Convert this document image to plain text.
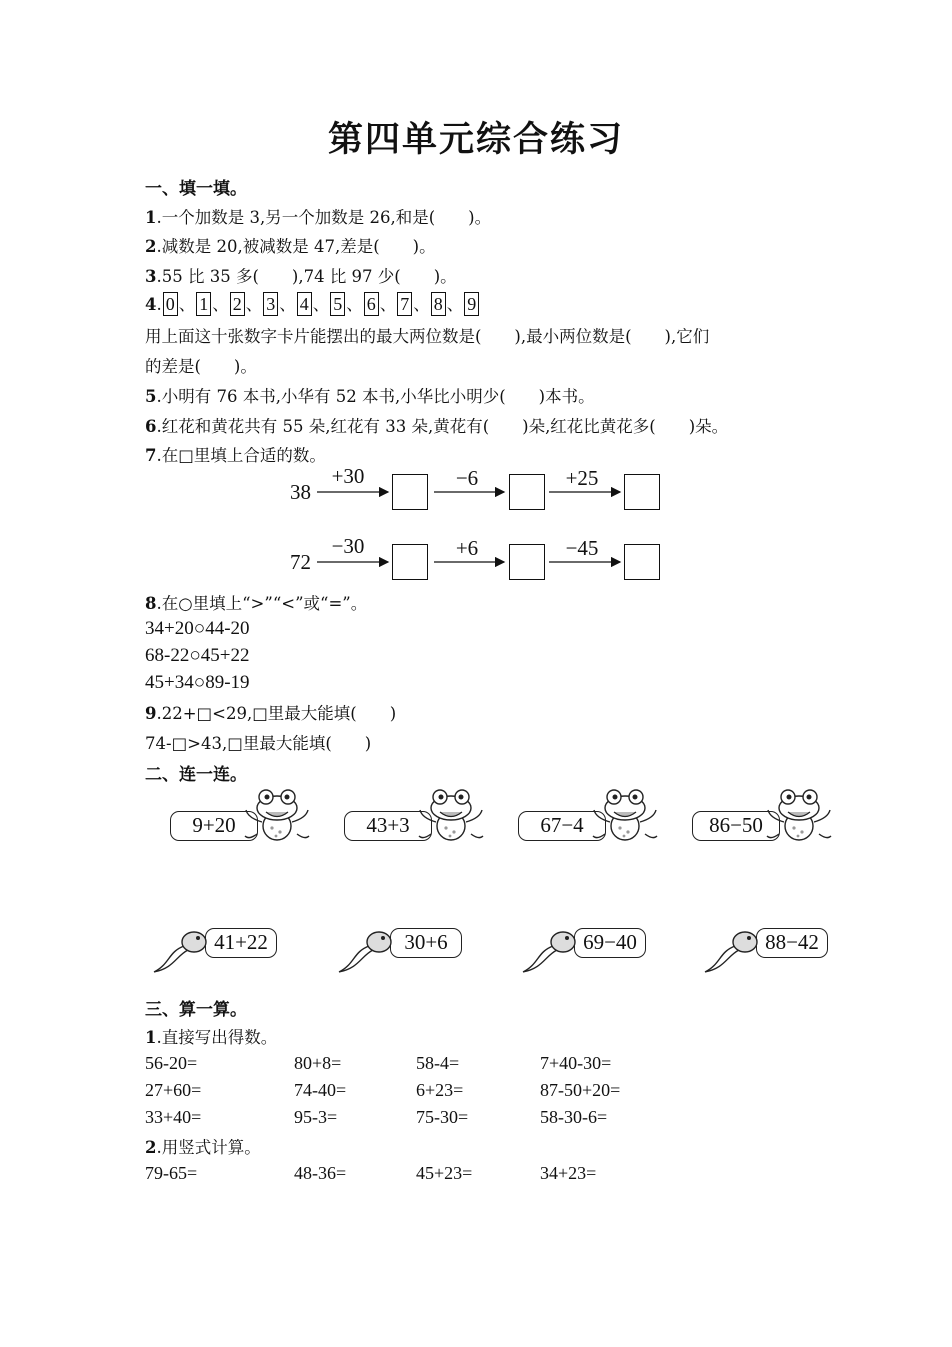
第四单元综合练习
一、填一填。
1.一个加数是 3,另一个加数是 26,和是(　　)。
2.减数是 20,被减数是 47,差是(　　)。
3.55 比 35 多(　　),74 比 97 少(　　)。
4. 0 、 1 、 2 、 3 、 4 、 5 、 6 、 7 、 8 、 9
用上面这十张数字卡片能摆出的最大两位数是(　　),最小两位数是(　　),它们
的差是(　　)。
5.小明有 76 本书,小华有 52 本书,小华比小明少(　　)本书。
6.红花和黄花共有 55 朵,红花有 33 朵,黄花有(　　)朵,红花比黄花多(　　)朵。
7.在□里填上合适的数。
38
+30	−6	+25
72
−30	+6	−45
8.在○里填上“>”“<”或“=”。
34+20○44-20
68-22○45+22
45+34○89-19
9.22+□<29,□里最大能填(　　)
74-□>43,□里最大能填(　　)
二、连一连。
三、算一算。
1.直接写出得数。
56-20=	80+8=	58-4=	7+40-30=
27+60=	74-40=	6+23=	87-50+20=
33+40=	95-3=	75-30=	58-30-6=
2.用竖式计算。
79-65=	48-36=	45+23=	34+23=
9+20	43+3	67−4	86−50
41+22	30+6	69−40	88−42
